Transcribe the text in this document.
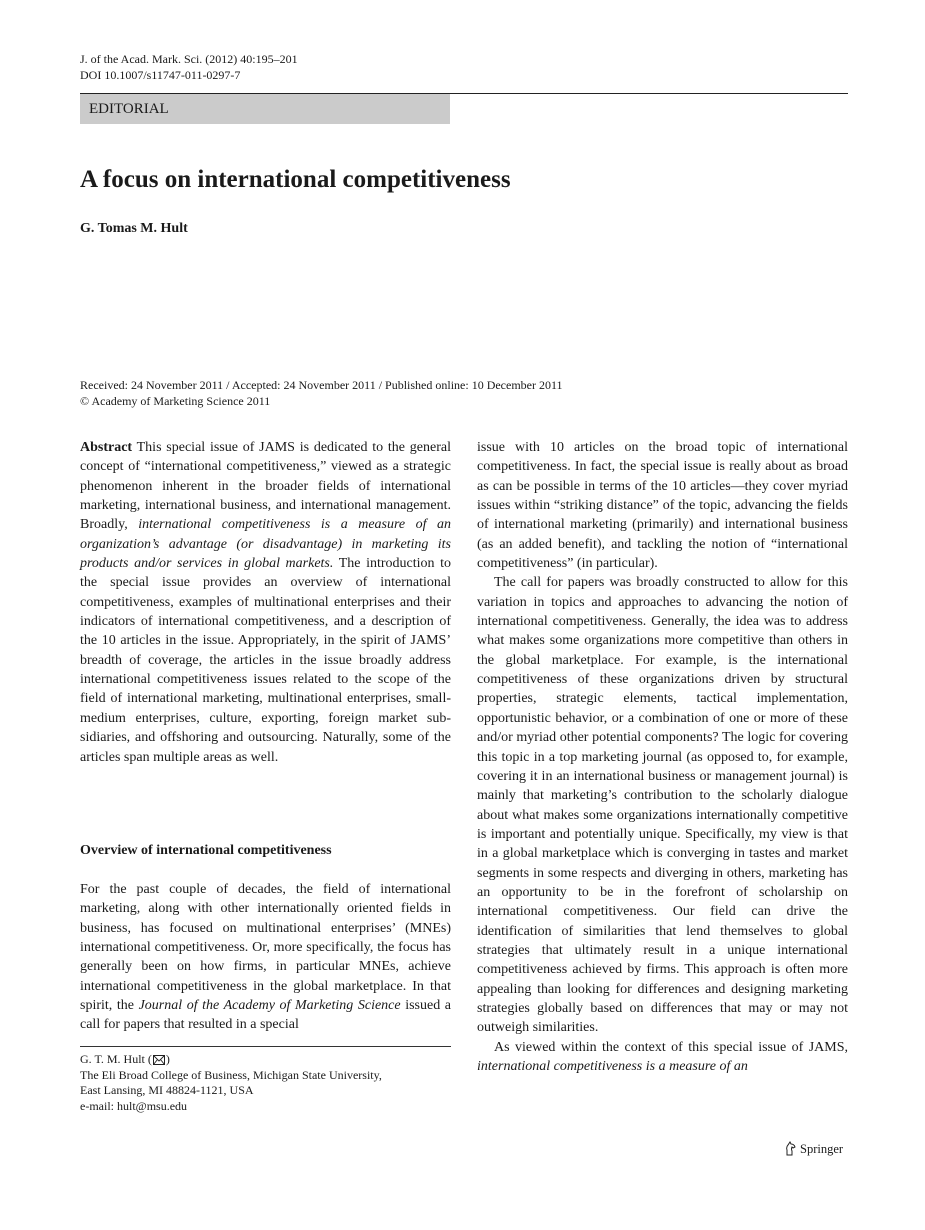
J. of the Acad. Mark. Sci. (2012) 40:195–201
DOI 10.1007/s11747-011-0297-7
EDITORIAL
A focus on international competitiveness
G. Tomas M. Hult
Received: 24 November 2011 / Accepted: 24 November 2011 / Published online: 10 December 2011
© Academy of Marketing Science 2011

Abstract This special issue of JAMS is dedicated to the general concept of “international competitiveness,” viewed as a strategic phenomenon inherent in the broader fields of international marketing, international business, and international management. Broadly, international competitiveness is a measure of an organization’s advantage (or disadvantage) in marketing its products and/or services in global markets. The introduction to the special issue provides an overview of international competitiveness, examples of multinational enterprises and their indicators of international competitiveness, and a description of the 10 articles in the issue. Appropriately, in the spirit of JAMS’ breadth of coverage, the articles in the issue broadly address international competitiveness issues related to the scope of the field of international marketing, multinational enterprises, small-medium enterprises, culture, exporting, foreign market subsidiaries, and offshoring and outsourcing. Naturally, some of the articles span multiple areas as well.

Overview of international competitiveness

For the past couple of decades, the field of international marketing, along with other internationally oriented fields in business, has focused on multinational enterprises’ (MNEs) international competitiveness. Or, more specifically, the focus has generally been on how firms, in particular MNEs, achieve international competitiveness in the global marketplace. In that spirit, the Journal of the Academy of Marketing Science issued a call for papers that resulted in a special

issue with 10 articles on the broad topic of international competitiveness. In fact, the special issue is really about as broad as can be possible in terms of the 10 articles—they cover myriad issues within “striking distance” of the topic, advancing the fields of international marketing (primarily) and international business (as an added benefit), and tackling the notion of “international competitiveness” (in particular).

The call for papers was broadly constructed to allow for this variation in topics and approaches to advancing the notion of international competitiveness. Generally, the idea was to address what makes some organizations more competitive than others in the global marketplace. For example, is the international competitiveness of these organizations driven by structural properties, strategic elements, tactical implementation, opportunistic behavior, or a combination of one or more of these and/or myriad other potential components? The logic for covering this topic in a top marketing journal (as opposed to, for example, covering it in an international business or management journal) is mainly that marketing’s contribution to the scholarly dialogue about what makes some organizations internationally competitive is important and potentially unique. Specifically, my view is that in a global marketplace which is converging in tastes and market segments in some respects and diverging in others, marketing has an opportunity to be in the forefront of scholarship on international competitiveness. Our field can drive the identification of similarities that lend themselves to global strategies that ultimately result in a unique international competitiveness achieved by firms. This approach is often more appealing than looking for differences and designing marketing strategies globally based on differences that may or may not outweigh similarities.

As viewed within the context of this special issue of JAMS, international competitiveness is a measure of an

G. T. M. Hult ( )
The Eli Broad College of Business, Michigan State University,
East Lansing, MI 48824-1121, USA
e-mail: hult@msu.edu
Springer
